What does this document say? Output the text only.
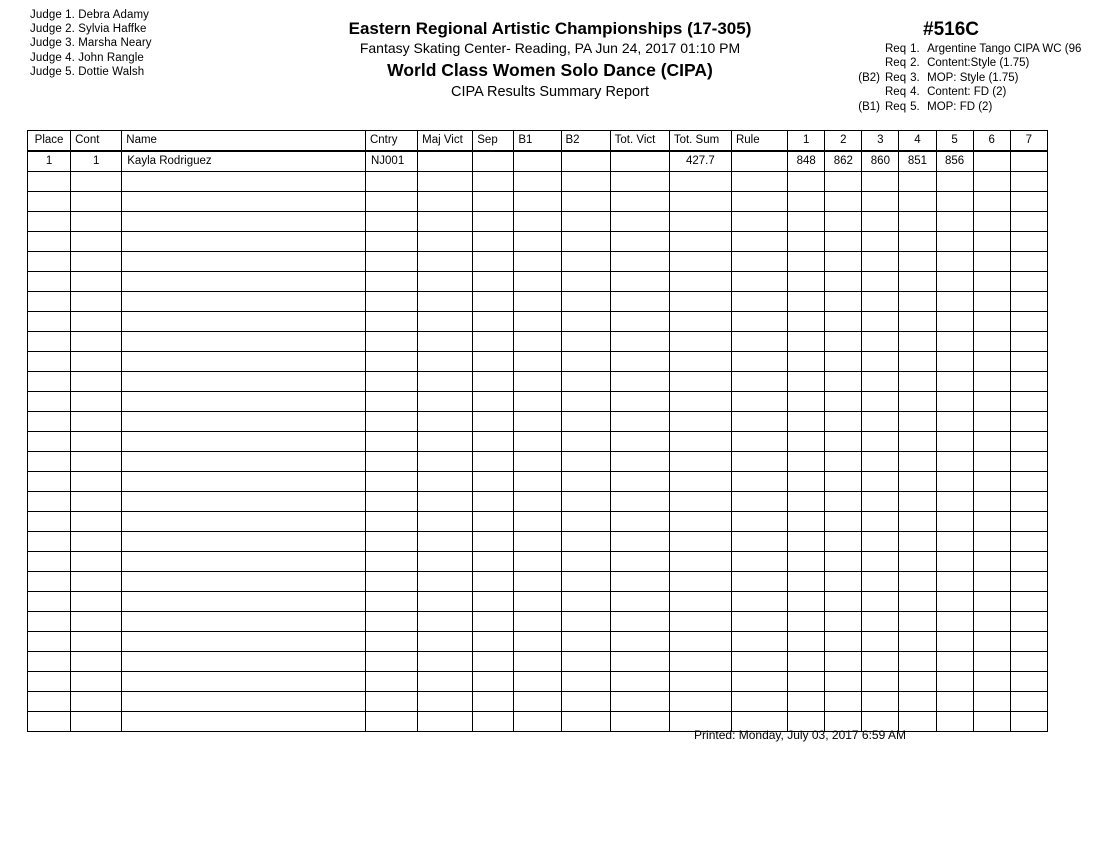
Judge 1. Debra Adamy
Judge 2. Sylvia Haffke
Judge 3. Marsha Neary
Judge 4. John Rangle
Judge 5. Dottie Walsh
Eastern Regional Artistic Championships (17-305)
Fantasy Skating Center- Reading, PA Jun 24, 2017 01:10 PM
World Class Women Solo Dance (CIPA)
CIPA Results Summary Report
#516C
Req 1. Argentine Tango CIPA WC (96
Req 2. Content:Style (1.75)
(B2) Req 3. MOP: Style (1.75)
Req 4. Content: FD (2)
(B1) Req 5. MOP: FD (2)
Place	Cont	Name	Cntry	Maj Vict	Sep	B1	B2	Tot. Vict	Tot. Sum	Rule	1	2	3	4	5	6	7
1	1	Kayla Rodriguez	NJ001						427.7		848	862	860	851	856		

Printed: Monday, July 03, 2017 6:59 AM
